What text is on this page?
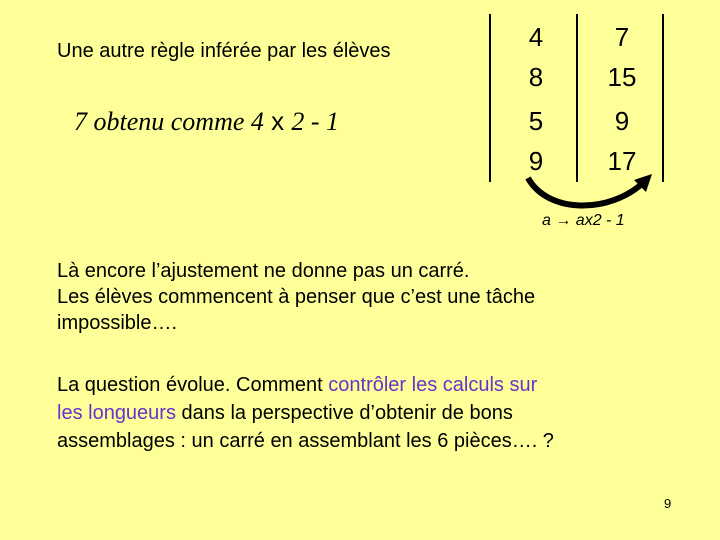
Une autre règle inférée par les élèves
7 obtenu comme 4 x 2 - 1
4
8
5
9
7
15
9
17
a → ax2 - 1
Là encore l’ajustement ne donne pas un carré.
Les élèves commencent à penser que c’est une tâche
impossible….
La question évolue. Comment contrôler les calculs sur
les longueurs dans la perspective d’obtenir de bons
assemblages : un carré en assemblant les 6 pièces…. ?
9
